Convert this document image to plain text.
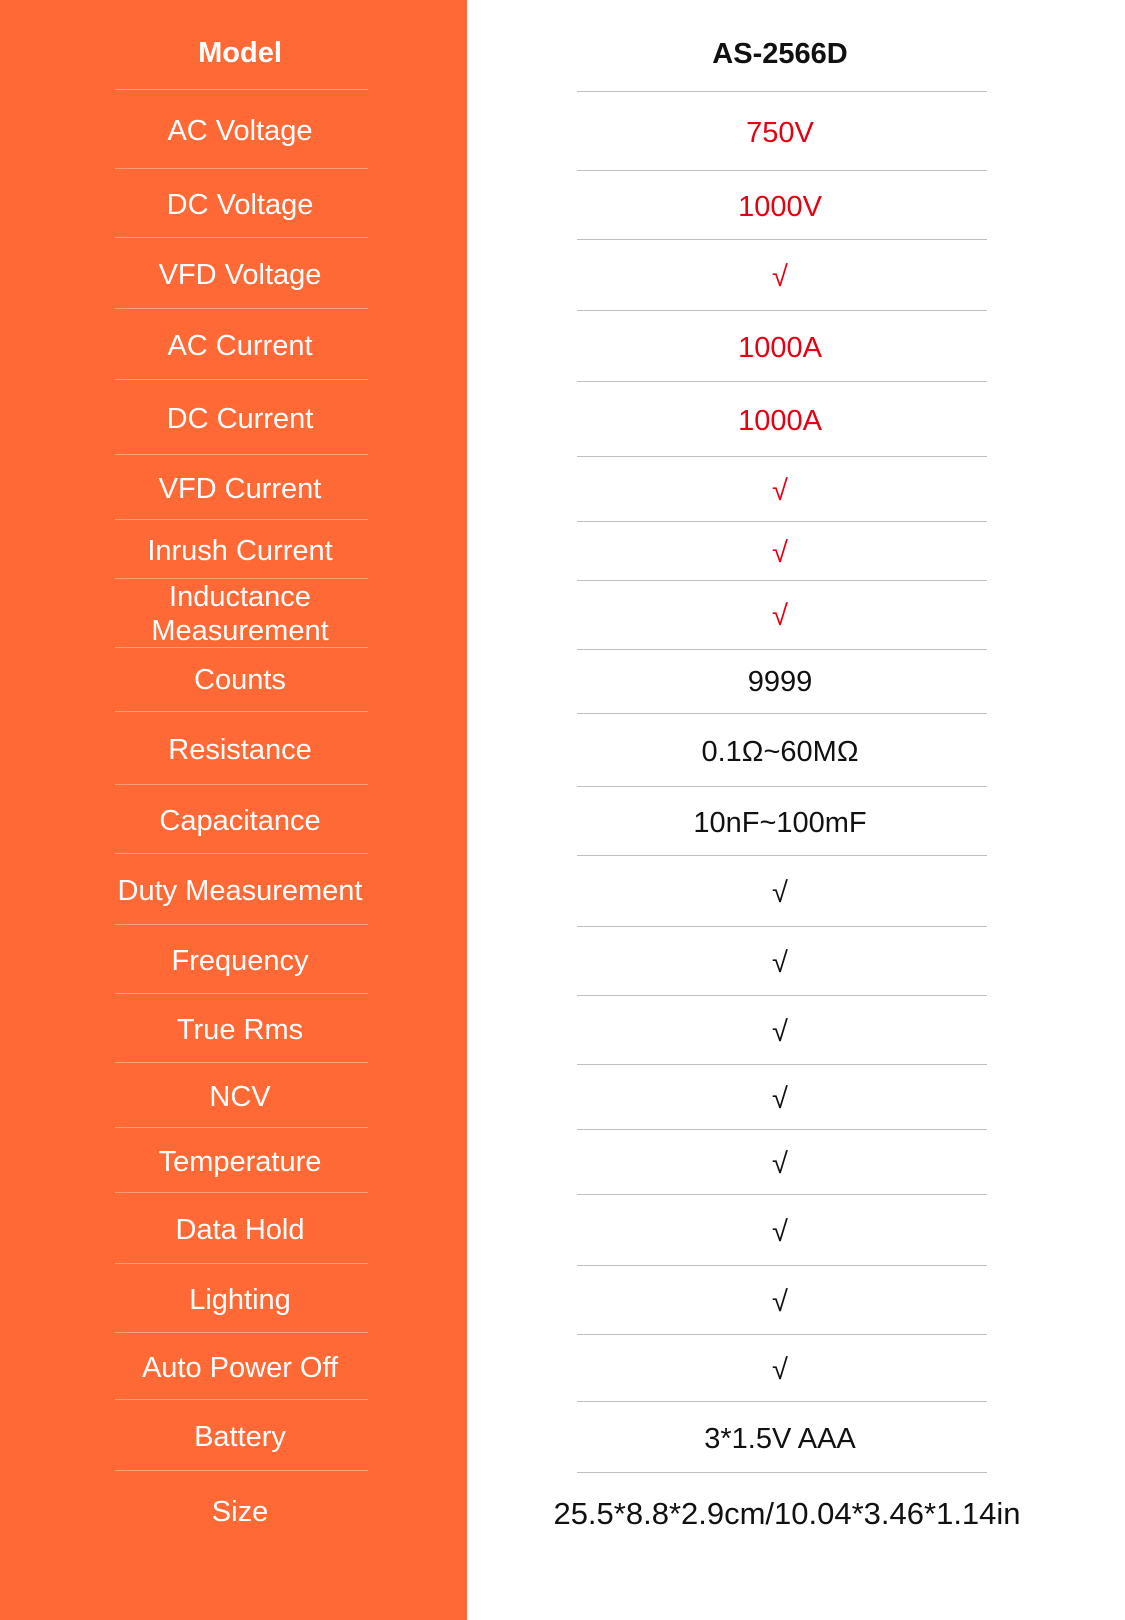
Model
AC Voltage
DC Voltage
VFD Voltage
AC Current
DC Current
VFD Current
Inrush Current
Inductance
Measurement
Counts
Resistance
Capacitance
Duty Measurement
Frequency
True Rms
NCV
Temperature
Data Hold
Lighting
Auto Power Off
Battery
Size
AS-2566D
750V
1000V
√
1000A
1000A
√
√
√
9999
0.1Ω~60MΩ
10nF~100mF
√
√
√
√
√
√
√
√
3*1.5V AAA
25.5*8.8*2.9cm/10.04*3.46*1.14in
